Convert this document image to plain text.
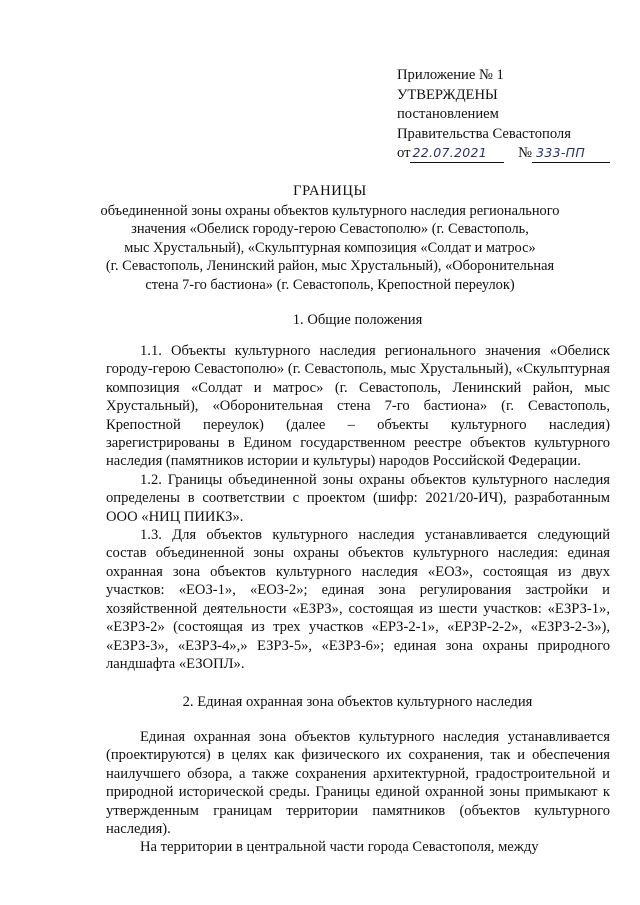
Приложение № 1
УТВЕРЖДЕНЫ
постановлением
Правительства Севастополя
от 22.07.2021 № 333-ПП
ГРАНИЦЫ
объединенной зоны охраны объектов культурного наследия регионального
значения «Обелиск городу-герою Севастополю» (г. Севастополь,
мыс Хрустальный), «Скульптурная композиция «Солдат и матрос»
(г. Севастополь, Ленинский район, мыс Хрустальный), «Оборонительная
стена 7-го бастиона» (г. Севастополь, Крепостной переулок)
1. Общие положения

1.1. Объекты культурного наследия регионального значения «Обелиск городу-герою Севастополю» (г. Севастополь, мыс Хрустальный), «Скульптурная композиция «Солдат и матрос» (г. Севастополь, Ленинский район, мыс Хрустальный), «Оборонительная стена 7-го бастиона» (г. Севастополь, Крепостной переулок) (далее – объекты культурного наследия) зарегистрированы в Едином государственном реестре объектов культурного наследия (памятников истории и культуры) народов Российской Федерации.

1.2. Границы объединенной зоны охраны объектов культурного наследия определены в соответствии с проектом (шифр: 2021/20-ИЧ), разработанным ООО «НИЦ ПИИКЗ».

1.3. Для объектов культурного наследия устанавливается следующий состав объединенной зоны охраны объектов культурного наследия: единая охранная зона объектов культурного наследия «ЕОЗ», состоящая из двух участков: «ЕОЗ-1», «ЕОЗ-2»; единая зона регулирования застройки и хозяйственной деятельности «ЕЗРЗ», состоящая из шести участков: «ЕЗРЗ-1», «ЕЗРЗ-2» (состоящая из трех участков «ЕРЗ-2-1», «ЕРЗР-2-2», «ЕЗРЗ-2-3»), «ЕЗРЗ-3», «ЕЗРЗ-4»,» ЕЗРЗ-5», «ЕЗРЗ-6»; единая зона охраны природного ландшафта «ЕЗОПЛ».

2. Единая охранная зона объектов культурного наследия

Единая охранная зона объектов культурного наследия устанавливается (проектируются) в целях как физического их сохранения, так и обеспечения наилучшего обзора, а также сохранения архитектурной, градостроительной и природной исторической среды. Границы единой охранной зоны примыкают к утвержденным границам территории памятников (объектов культурного наследия).

На территории в центральной части города Севастополя, между
